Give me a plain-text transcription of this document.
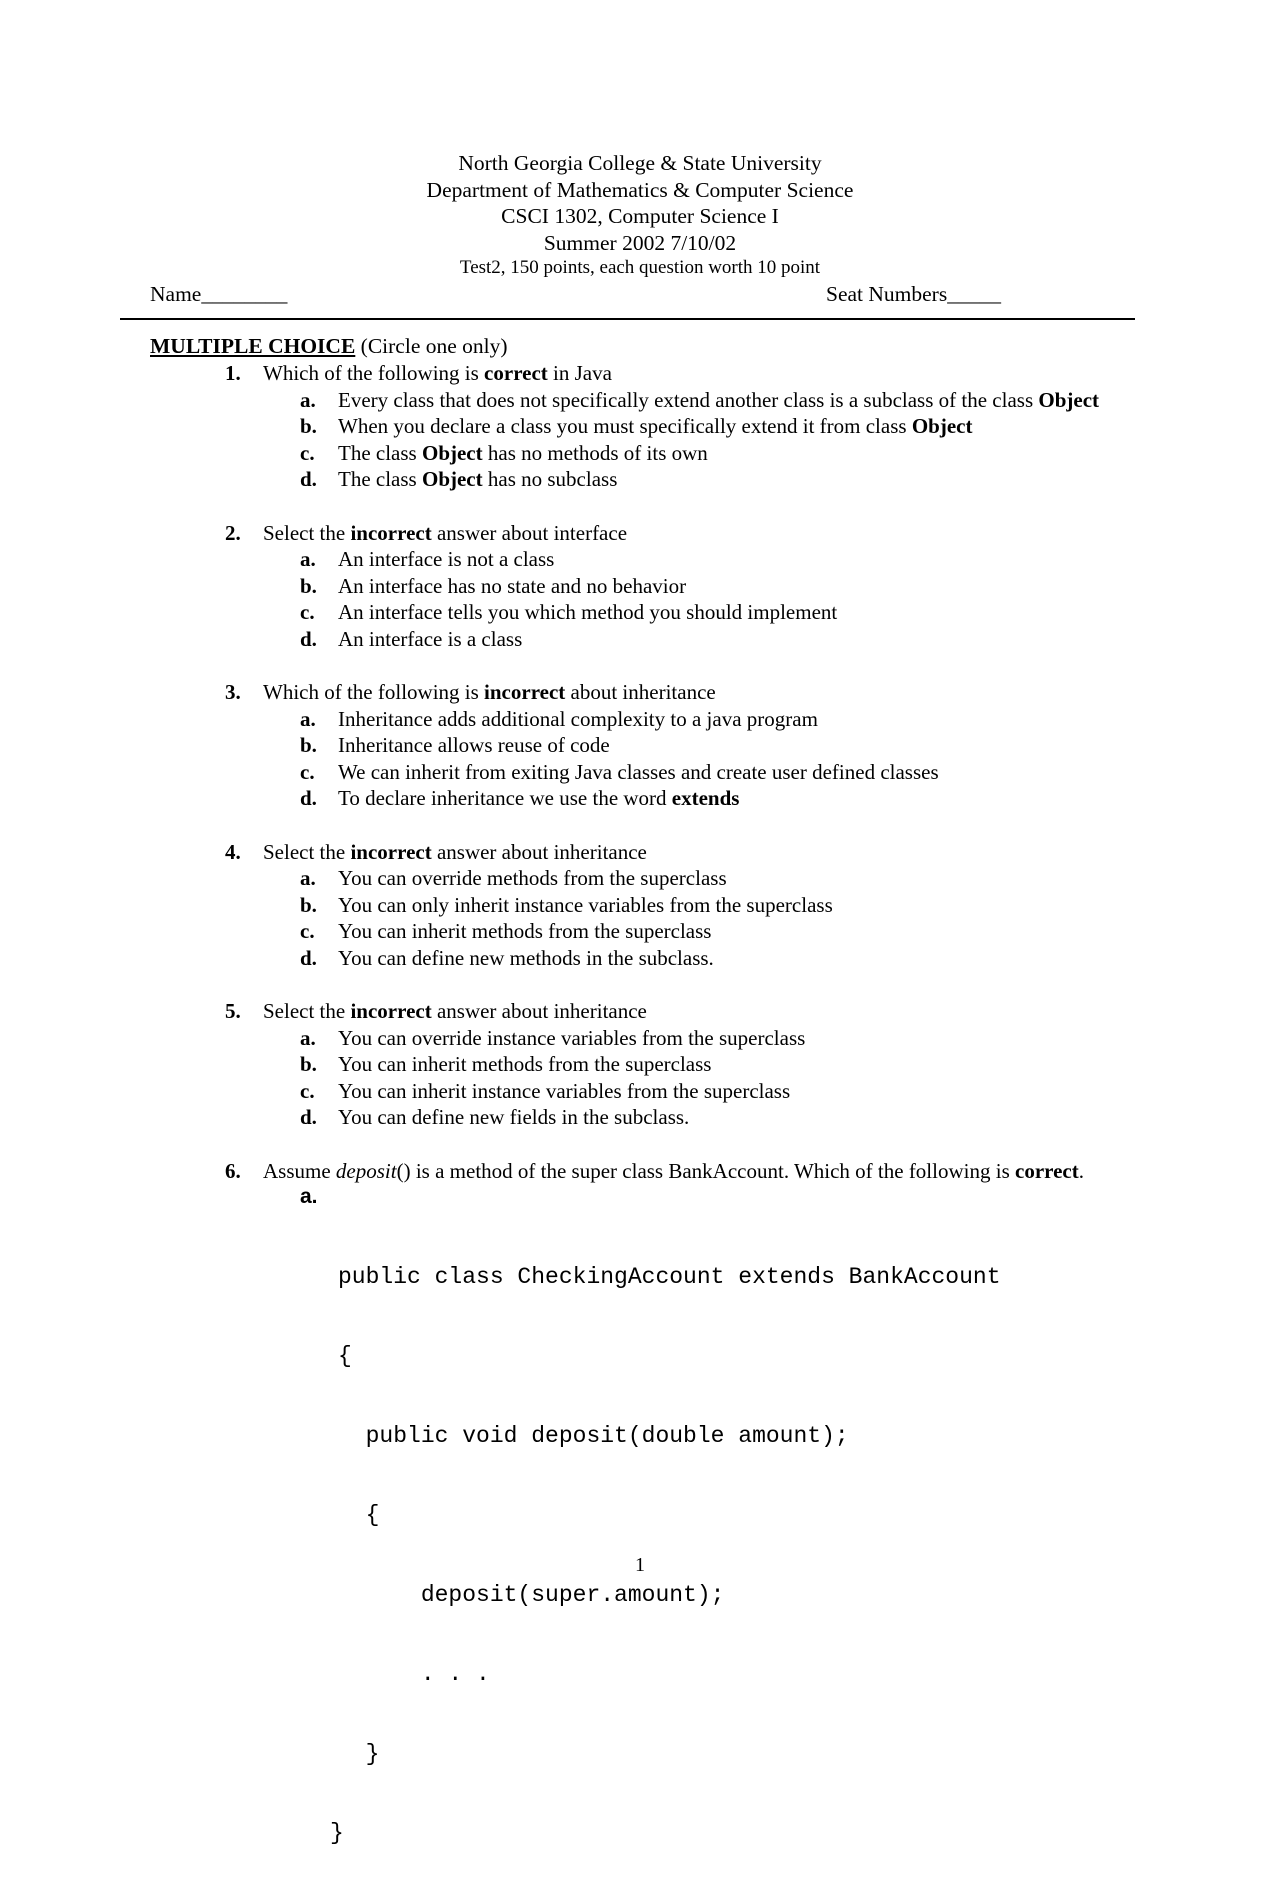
North Georgia College & State University
Department of Mathematics & Computer Science
CSCI 1302, Computer Science I
Summer 2002 7/10/02
Test2, 150 points, each question worth 10 point
Name________	Seat Numbers_____
MULTIPLE CHOICE (Circle one only)
1. Which of the following is correct in Java
a. Every class that does not specifically extend another class is a subclass of the class Object
b. When you declare a class you must specifically extend it from class Object
c. The class Object has no methods of its own
d. The class Object has no subclass
2. Select the incorrect answer about interface
a. An interface is not a class
b. An interface has no state and no behavior
c. An interface tells you which method you should implement
d. An interface is a class
3. Which of the following is incorrect about inheritance
a. Inheritance adds additional complexity to a java program
b. Inheritance allows reuse of code
c. We can inherit from exiting Java classes and create user defined classes
d. To declare inheritance we use the word extends
4. Select the incorrect answer about inheritance
a. You can override methods from the superclass
b. You can only inherit instance variables from the superclass
c. You can inherit methods from the superclass
d. You can define new methods in the subclass.
5. Select the incorrect answer about inheritance
a. You can override instance variables from the superclass
b. You can inherit methods from the superclass
c. You can inherit instance variables from the superclass
d. You can define new fields in the subclass.
6. Assume deposit() is a method of the super class BankAccount. Which of the following is correct.

a.

public class CheckingAccount extends BankAccount

{

public void deposit(double amount);

{

deposit(super.amount);

. . .

}

}

1
